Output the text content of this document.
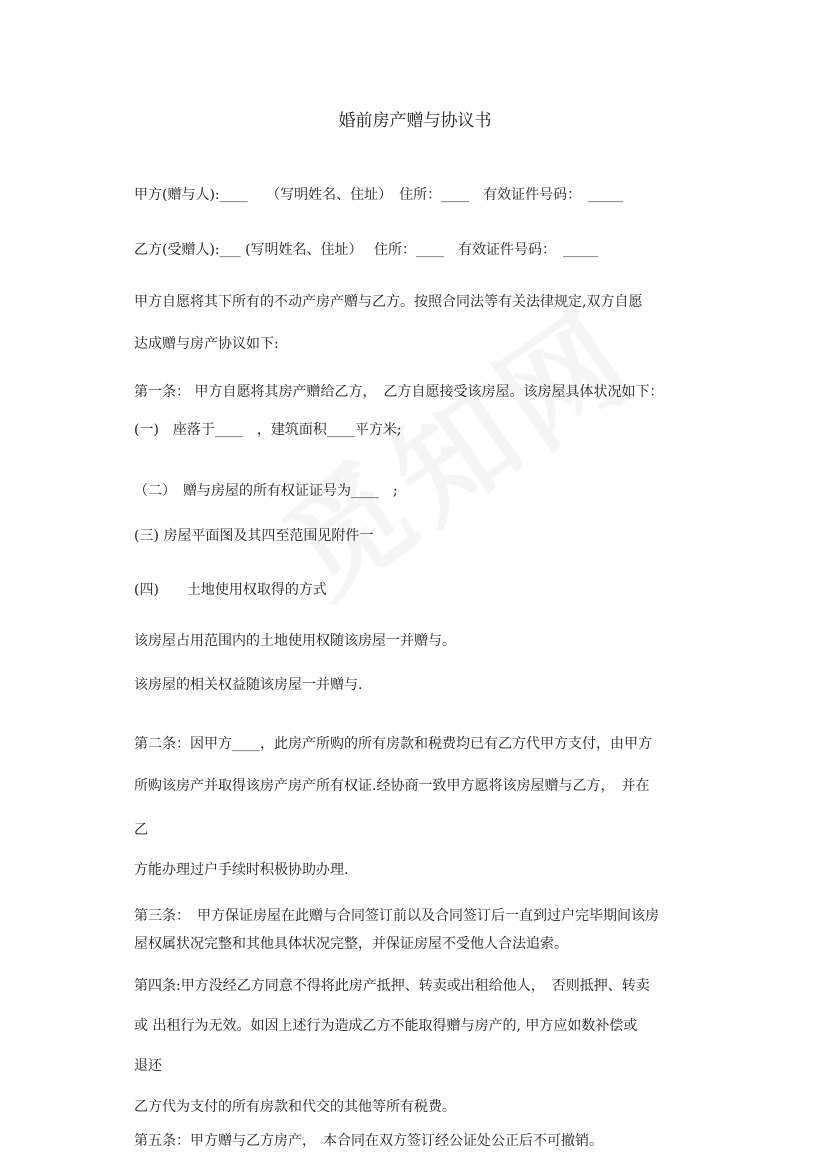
婚前房产赠与协议书
甲方(赠与人):____　 （写明姓名、住址）　住所：____　有效证件号码：　_____
乙方(受赠人):___ (写明姓名、住址）　 住所：____　有效证件号码：　_____
甲方自愿将其下所有的不动产房产赠与乙方。按照合同法等有关法律规定,双方自愿
达成赠与房产协议如下:
第一条： 甲方自愿将其房产赠给乙方，　乙方自愿接受该房屋。该房屋具体状况如下：
(一)　座落于____　，建筑面积____平方米;
（二）　赠与房屋的所有权证证号为____　;
(三) 房屋平面图及其四至范围见附件一
(四)　　土地使用权取得的方式
该房屋占用范围内的土地使用权随该房屋一并赠与。
该房屋的相关权益随该房屋一并赠与.
第二条：因甲方____，此房产所购的所有房款和税费均已有乙方代甲方支付，由甲方
所购该房产并取得该房产房产所有权证.经协商一致甲方愿将该房屋赠与乙方，　并在
乙
方能办理过户手续时积极协助办理.
第三条：　甲方保证房屋在此赠与合同签订前以及合同签订后一直到过户完毕期间该房
屋权属状况完整和其他具体状况完整，并保证房屋不受他人合法追索。
第四条:甲方没经乙方同意不得将此房产抵押、转卖或出租给他人，　否则抵押、转卖
或 出租行为无效。如因上述行为造成乙方不能取得赠与房产的, 甲方应如数补偿或
退还
乙方代为支付的所有房款和代交的其他等所有税费。
第五条：甲方赠与乙方房产，　本合同在双方签订经公证处公正后不可撤销。
